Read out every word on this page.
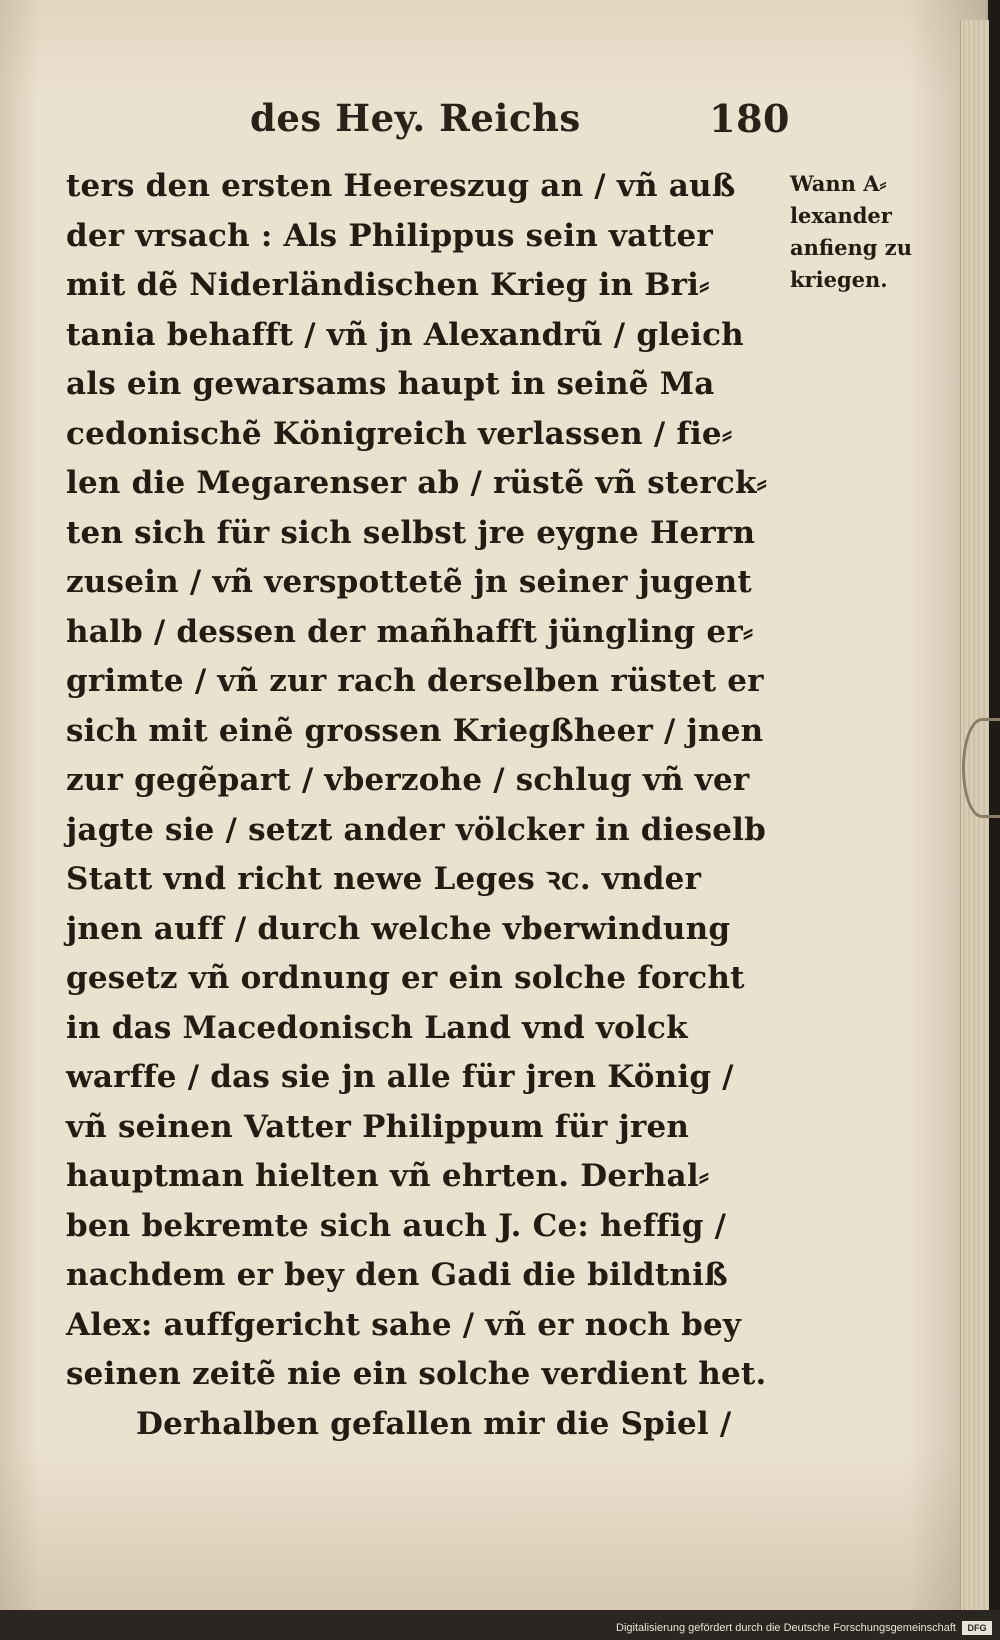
des Hey. Reichs	180
ters den ersten Heereszug an / vñ auß
der vrsach : Als Philippus sein vatter
mit dẽ Niderländischen Krieg in Bri⸗
tania behafft / vñ jn Alexandrũ / gleich
als ein gewarsams haupt in seinẽ Ma
cedonischẽ Königreich verlassen / fie⸗
len die Megarenser ab / rüstẽ vñ sterck⸗
ten sich für sich selbst jre eygne Herrn
zusein / vñ verspottetẽ jn seiner jugent
halb / dessen der mañhafft jüngling er⸗
grimte / vñ zur rach derselben rüstet er
sich mit einẽ grossen Kriegßheer / jnen
zur gegẽpart / vberzohe / schlug vñ ver
jagte sie / setzt ander völcker in dieselb
Statt vnd richt newe Leges ꝛc. vnder
jnen auff / durch welche vberwindung
gesetz vñ ordnung er ein solche forcht
in das Macedonisch Land vnd volck
warffe / das sie jn alle für jren König /
vñ seinen Vatter Philippum für jren
hauptman hielten vñ ehrten. Derhal⸗
ben bekremte sich auch J. Ce: heffig /
nachdem er bey den Gadi die bildtniß
Alex: auffgericht sahe / vñ er noch bey
seinen zeitẽ nie ein solche verdient het.
Derhalben gefallen mir die Spiel /
Wann A⸗
lexander
anfieng zu
kriegen.
Digitalisierung gefördert durch die Deutsche Forschungsgemeinschaft	DFG
